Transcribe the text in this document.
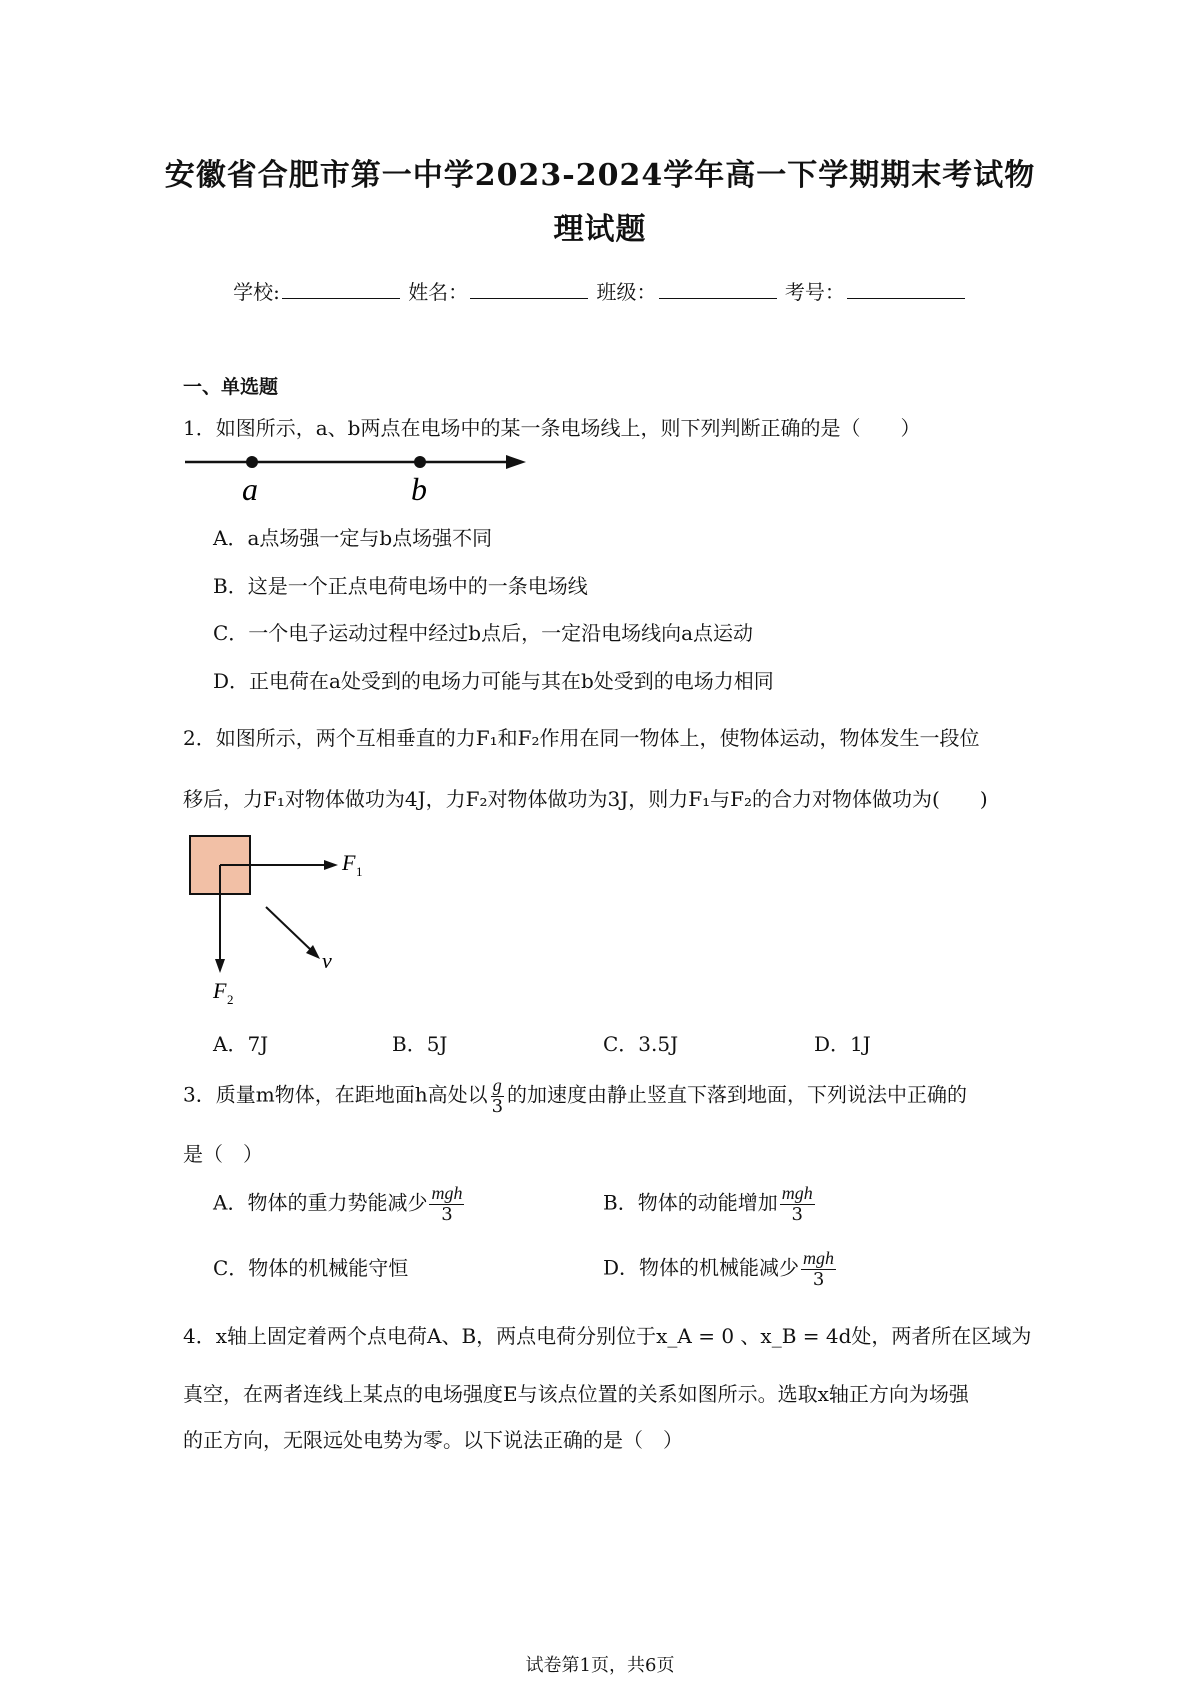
安徽省合肥市第一中学2023-2024学年高一下学期期末考试物
理试题
学校:	姓名：	班级：	考号：
一、单选题
1．如图所示，a、b两点在电场中的某一条电场线上，则下列判断正确的是（　　）
a	b
A．a点场强一定与b点场强不同
B．这是一个正点电荷电场中的一条电场线
C．一个电子运动过程中经过b点后，一定沿电场线向a点运动
D．正电荷在a处受到的电场力可能与其在b处受到的电场力相同
2．如图所示，两个互相垂直的力F₁和F₂作用在同一物体上，使物体运动，物体发生一段位
移后，力F₁对物体做功为4J，力F₂对物体做功为3J，则力F₁与F₂的合力对物体做功为(　　)
F 1
F 2
v
A．7J	B．5J	C．3.5J	D．1J
3．质量m物体，在距地面h高处以 $\frac{g}{3}$ 的加速度由静止竖直下落到地面，下列说法中正确的
是（　）
A．物体的重力势能减少 $\frac{\text{mgh}}{3}$	B．物体的动能增加 $\frac{\text{mgh}}{3}$
C．物体的机械能守恒	D．物体的机械能减少 $\frac{\text{mgh}}{3}$
4．x轴上固定着两个点电荷A、B，两点电荷分别位于x_A = 0 、x_B = 4d处，两者所在区域为
真空，在两者连线上某点的电场强度E与该点位置的关系如图所示。选取x轴正方向为场强
的正方向，无限远处电势为零。以下说法正确的是（　）
试卷第1页，共6页
